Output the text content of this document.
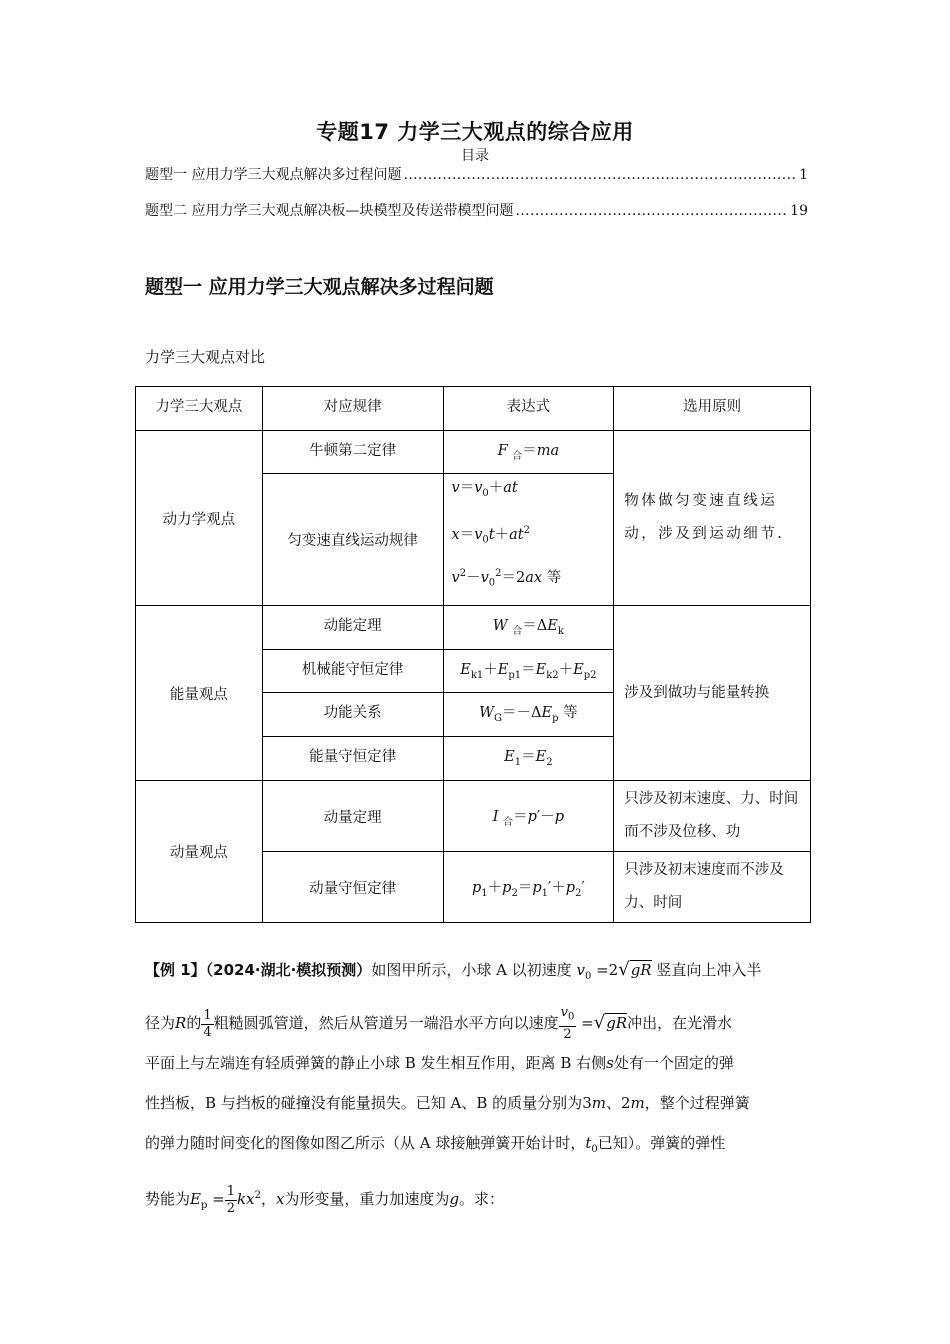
专题17 力学三大观点的综合应用
目录
题型一 应用力学三大观点解决多过程问题 .....	1
题型二 应用力学三大观点解决板—块模型及传送带模型问题 .....	19
题型一 应用力学三大观点解决多过程问题
力学三大观点对比
力学三大观点	对应规律	表达式	选用原则
动力学观点	牛顿第二定律	F $_合$＝ma	物体做匀变速直线运动，涉及到运动细节.
	匀变速直线运动规律	$v=v_0+at$
$x=v_0t+at^2$
$v^2-v_0^2=2ax$ 等	

能量观点	动能定理	W $_合=\Delta E_k$	涉及到做功与能量转换
	机械能守恒定律	$E_{k1}+E_{p1}=E_{k2}+E_{p2}$
	功能关系	$W_G=-\Delta E_p$ 等	
	能量守恒定律	$E_1=E_2$
动量观点	动量定理	I $_合$＝p′－p	只涉及初末速度、力、时间而不涉及位移、功
	动量守恒定律	$p_1+p_2=p_1'+p_2'$	只涉及初末速度而不涉及力、时间
【例 1】（2024·湖北·模拟预测）如图甲所示，小球 A 以初速度 $v_0 =2√gR$ 竖直向上冲入半
径为R的 $\frac{1}{4}$ 粗糙圆弧管道，然后从管道另一端沿水平方向以速度 $\frac{v_0}{2} =√gR$冲出，在光滑水
平面上与左端连有轻质弹簧的静止小球 B 发生相互作用，距离 B 右侧s处有一个固定的弹
性挡板，B 与挡板的碰撞没有能量损失。已知 A、B 的质量分别为3m、2m，整个过程弹簧
的弹力随时间变化的图像如图乙所示（从 A 球接触弹簧开始计时，$t_0$已知）。弹簧的弹性
势能为$E_p = \frac{1}{2} kx^2$，x为形变量，重力加速度为g。求：
